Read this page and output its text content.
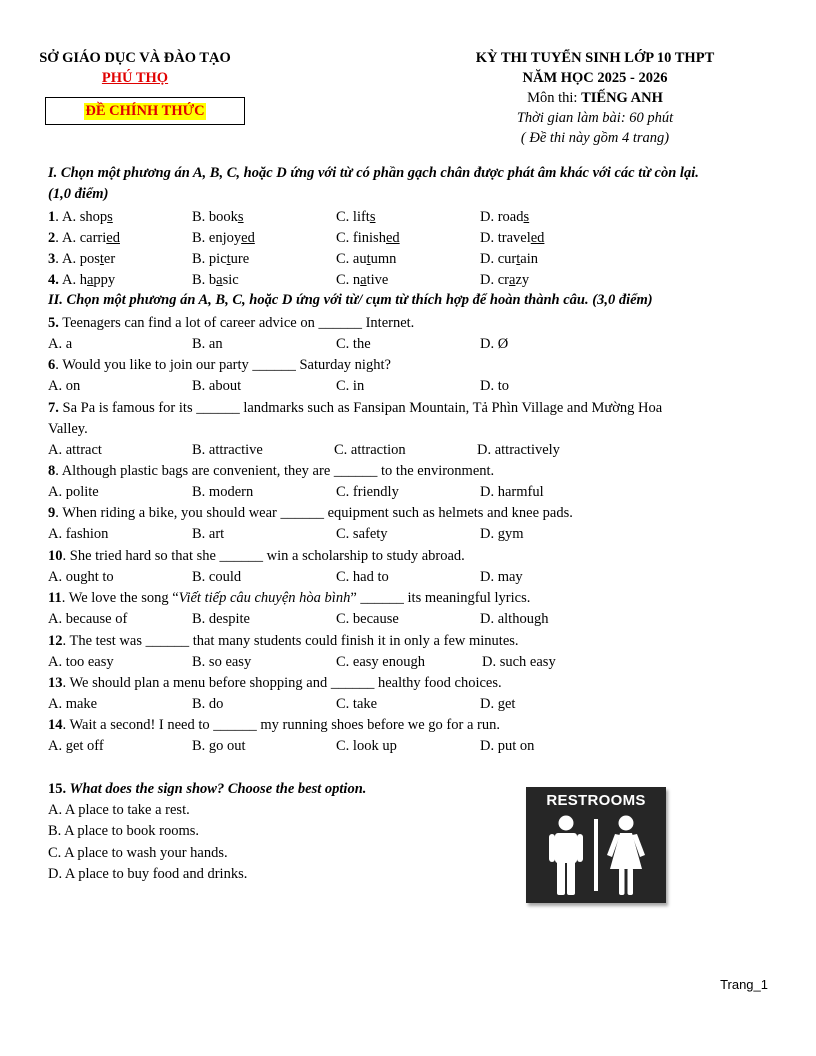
SỞ GIÁO DỤC VÀ ĐÀO TẠO
PHÚ THỌ
ĐỀ CHÍNH THỨC
KỲ THI TUYỂN SINH LỚP 10 THPT
NĂM HỌC 2025 - 2026
Môn thi: TIẾNG ANH
Thời gian làm bài: 60 phút
( Đề thi này gồm 4 trang)
I. Chọn một phương án A, B, C, hoặc D ứng với từ có phần gạch chân được phát âm khác với các từ còn lại.
(1,0 điểm)
1. A. shops	B. books	C. lifts	D. roads
2. A. carried	B. enjoyed	C. finished	D. traveled
3. A. poster	B. picture	C. autumn	D. curtain
4. A. happy	B. basic	C. native	D. crazy
II. Chọn một phương án A, B, C, hoặc D ứng với từ/ cụm từ thích hợp để hoàn thành câu. (3,0 điểm)
5. Teenagers can find a lot of career advice on ______ Internet.
A. a	B. an	C. the	D. Ø
6. Would you like to join our party ______ Saturday night?
A. on	B. about	C. in	D. to
7. Sa Pa is famous for its ______ landmarks such as Fansipan Mountain, Tả Phìn Village and Mường Hoa
Valley.
A. attract	B. attractive	C. attraction	D. attractively
8. Although plastic bags are convenient, they are ______ to the environment.
A. polite	B. modern	C. friendly	D. harmful
9. When riding a bike, you should wear ______ equipment such as helmets and knee pads.
A. fashion	B. art	C. safety	D. gym
10. She tried hard so that she ______ win a scholarship to study abroad.
A. ought to	B. could	C. had to	D. may
11. We love the song “Viết tiếp câu chuyện hòa bình” ______ its meaningful lyrics.
A. because of	B. despite	C. because	D. although
12. The test was ______ that many students could finish it in only a few minutes.
A. too easy	B. so easy	C. easy enough	D. such easy
13. We should plan a menu before shopping and ______ healthy food choices.
A. make	B. do	C. take	D. get
14. Wait a second! I need to ______ my running shoes before we go for a run.
A. get off	B. go out	C. look up	D. put on
15. What does the sign show? Choose the best option.
A. A place to take a rest.
B. A place to book rooms.
C. A place to wash your hands.
D. A place to buy food and drinks.
RESTROOMS
Trang_1
